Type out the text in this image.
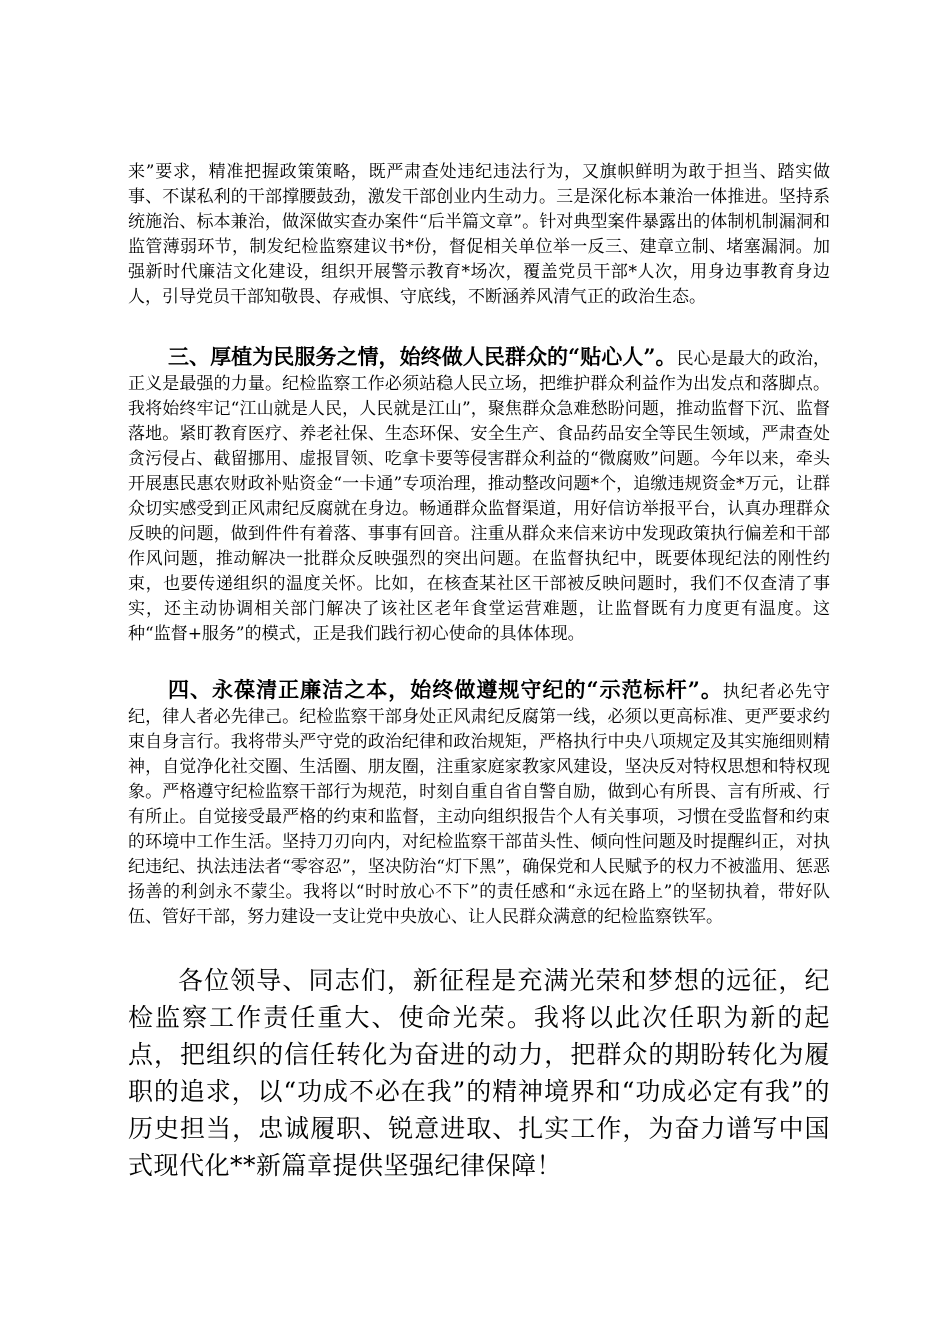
来”要求，精准把握政策策略，既严肃查处违纪违法行为，又旗帜鲜明为敢于担当、踏实做事、不谋私利的干部撑腰鼓劲，激发干部创业内生动力。三是深化标本兼治一体推进。坚持系统施治、标本兼治，做深做实查办案件“后半篇文章”。针对典型案件暴露出的体制机制漏洞和监管薄弱环节，制发纪检监察建议书*份，督促相关单位举一反三、建章立制、堵塞漏洞。加强新时代廉洁文化建设，组织开展警示教育*场次，覆盖党员干部*人次，用身边事教育身边人，引导党员干部知敬畏、存戒惧、守底线，不断涵养风清气正的政治生态。

三、厚植为民服务之情，始终做人民群众的“贴心人”。民心是最大的政治，正义是最强的力量。纪检监察工作必须站稳人民立场，把维护群众利益作为出发点和落脚点。我将始终牢记“江山就是人民，人民就是江山”，聚焦群众急难愁盼问题，推动监督下沉、监督落地。紧盯教育医疗、养老社保、生态环保、安全生产、食品药品安全等民生领域，严肃查处贪污侵占、截留挪用、虚报冒领、吃拿卡要等侵害群众利益的“微腐败”问题。今年以来，牵头开展惠民惠农财政补贴资金“一卡通”专项治理，推动整改问题*个，追缴违规资金*万元，让群众切实感受到正风肃纪反腐就在身边。畅通群众监督渠道，用好信访举报平台，认真办理群众反映的问题，做到件件有着落、事事有回音。注重从群众来信来访中发现政策执行偏差和干部作风问题，推动解决一批群众反映强烈的突出问题。在监督执纪中，既要体现纪法的刚性约束，也要传递组织的温度关怀。比如，在核查某社区干部被反映问题时，我们不仅查清了事实，还主动协调相关部门解决了该社区老年食堂运营难题，让监督既有力度更有温度。这种“监督+服务”的模式，正是我们践行初心使命的具体体现。

四、永葆清正廉洁之本，始终做遵规守纪的“示范标杆”。执纪者必先守纪，律人者必先律己。纪检监察干部身处正风肃纪反腐第一线，必须以更高标准、更严要求约束自身言行。我将带头严守党的政治纪律和政治规矩，严格执行中央八项规定及其实施细则精神，自觉净化社交圈、生活圈、朋友圈，注重家庭家教家风建设，坚决反对特权思想和特权现象。严格遵守纪检监察干部行为规范，时刻自重自省自警自励，做到心有所畏、言有所戒、行有所止。自觉接受最严格的约束和监督，主动向组织报告个人有关事项，习惯在受监督和约束的环境中工作生活。坚持刀刃向内，对纪检监察干部苗头性、倾向性问题及时提醒纠正，对执纪违纪、执法违法者“零容忍”，坚决防治“灯下黑”，确保党和人民赋予的权力不被滥用、惩恶扬善的利剑永不蒙尘。我将以“时时放心不下”的责任感和“永远在路上”的坚韧执着，带好队伍、管好干部，努力建设一支让党中央放心、让人民群众满意的纪检监察铁军。

各位领导、同志们，新征程是充满光荣和梦想的远征，纪检监察工作责任重大、使命光荣。我将以此次任职为新的起点，把组织的信任转化为奋进的动力，把群众的期盼转化为履职的追求，以“功成不必在我”的精神境界和“功成必定有我”的历史担当，忠诚履职、锐意进取、扎实工作，为奋力谱写中国式现代化**新篇章提供坚强纪律保障！
